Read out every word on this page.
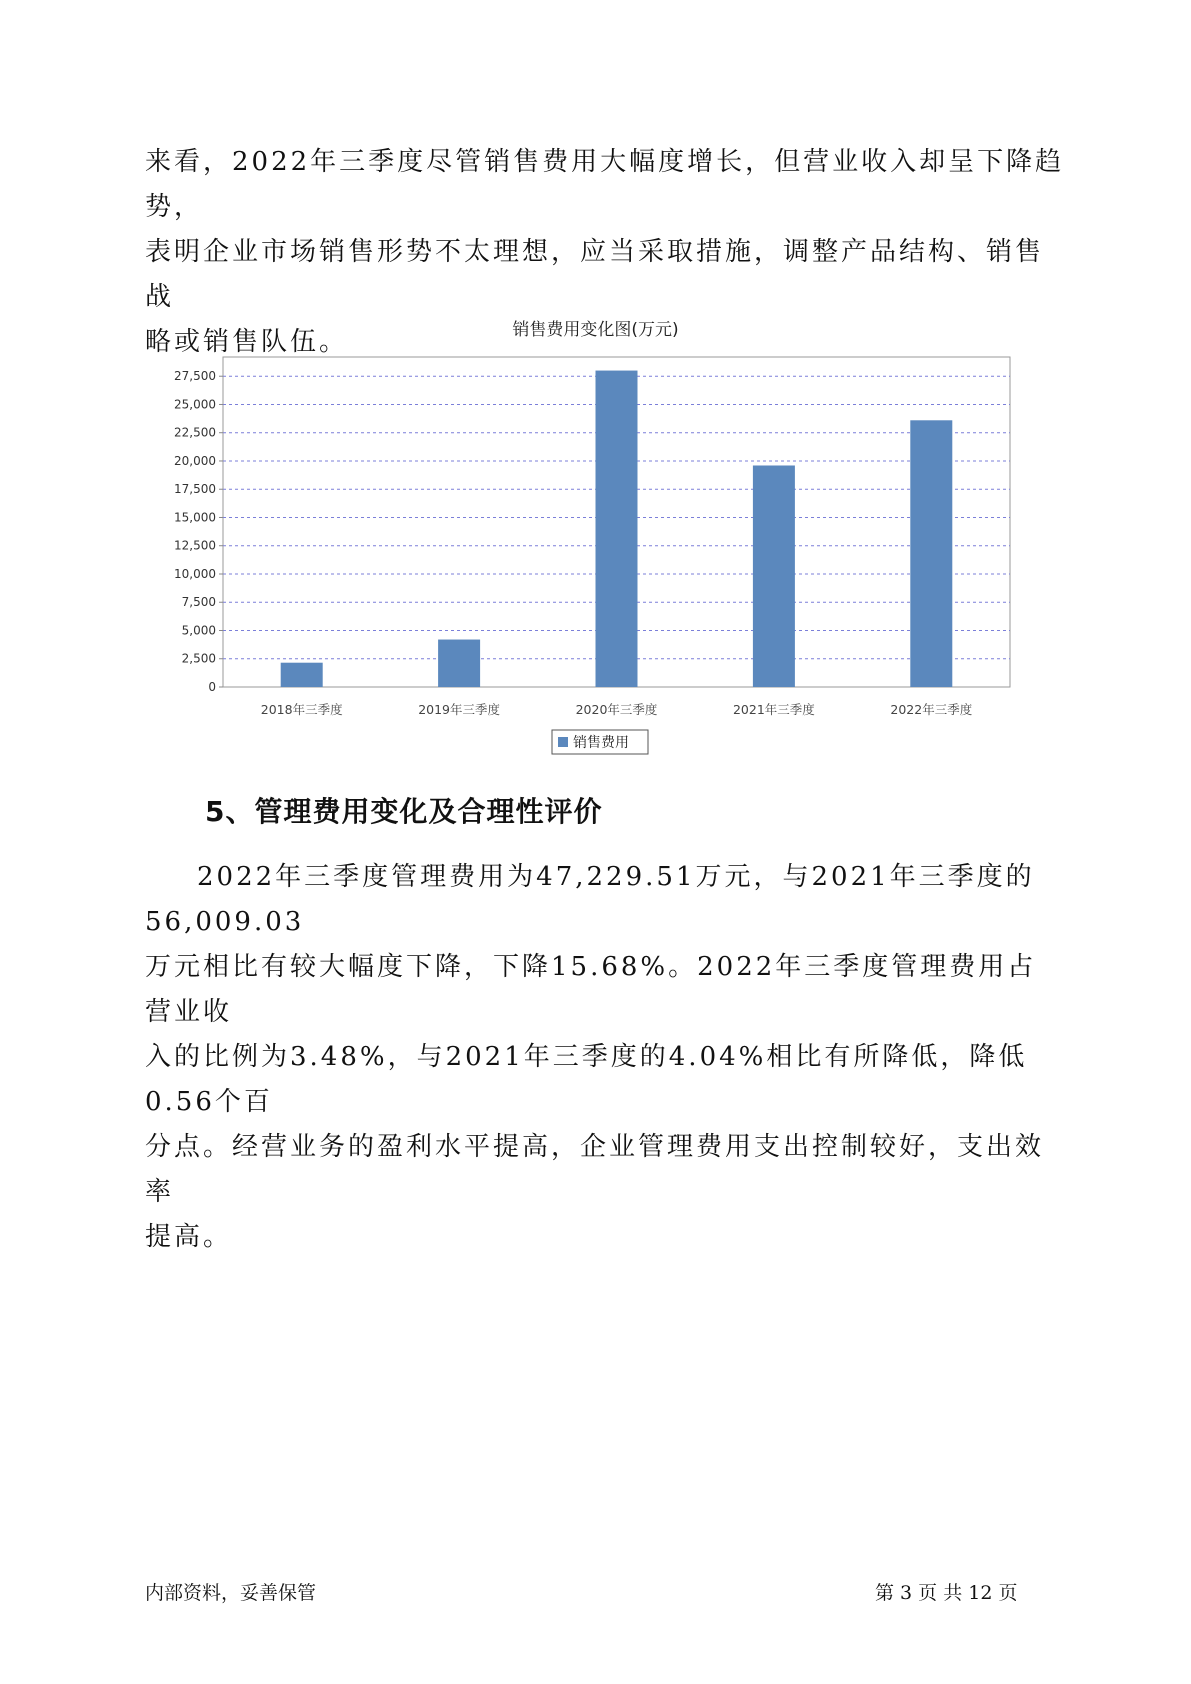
来看，2022年三季度尽管销售费用大幅度增长，但营业收入却呈下降趋势，

表明企业市场销售形势不太理想，应当采取措施，调整产品结构、销售战

略或销售队伍。	销售费用变化图(万元)
0
2,500
5,000
7,500
10,000
12,500
15,000
17,500
20,000
22,500
25,000
27,500
2018年三季度	2019年三季度	2020年三季度	2021年三季度	2022年三季度
销售费用
5、管理费用变化及合理性评价

2022年三季度管理费用为47,229.51万元，与2021年三季度的56,009.03

万元相比有较大幅度下降，下降15.68%。2022年三季度管理费用占营业收

入的比例为3.48%，与2021年三季度的4.04%相比有所降低，降低0.56个百

分点。经营业务的盈利水平提高，企业管理费用支出控制较好，支出效率

提高。

内部资料，妥善保管	第 3 页 共 12 页
